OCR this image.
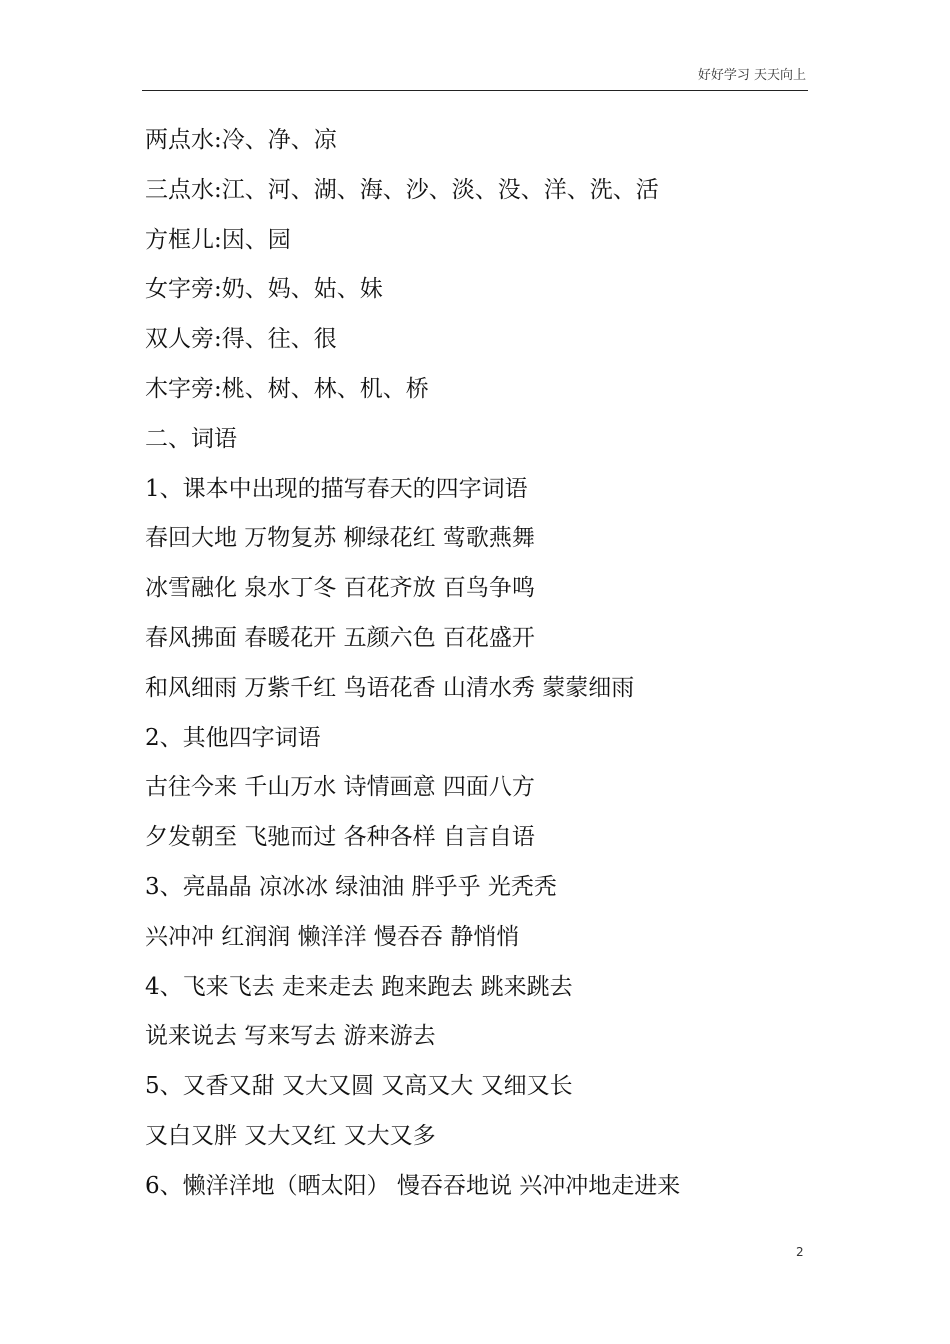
好好学习 天天向上
两点水:冷、净、凉
三点水:江、河、湖、海、沙、淡、没、洋、洗、活
方框儿:因、园
女字旁:奶、妈、姑、妹
双人旁:得、往、很
木字旁:桃、树、林、机、桥
二、词语
1、课本中出现的描写春天的四字词语
春回大地 万物复苏 柳绿花红 莺歌燕舞
冰雪融化 泉水丁冬 百花齐放 百鸟争鸣
春风拂面 春暖花开 五颜六色 百花盛开
和风细雨 万紫千红 鸟语花香 山清水秀 蒙蒙细雨
2、其他四字词语
古往今来 千山万水 诗情画意 四面八方
夕发朝至 飞驰而过 各种各样 自言自语
3、亮晶晶 凉冰冰 绿油油 胖乎乎 光秃秃
兴冲冲 红润润 懒洋洋 慢吞吞 静悄悄
4、飞来飞去 走来走去 跑来跑去 跳来跳去
说来说去 写来写去 游来游去
5、又香又甜 又大又圆 又高又大 又细又长
又白又胖 又大又红 又大又多
6、懒洋洋地（晒太阳） 慢吞吞地说 兴冲冲地走进来
2
